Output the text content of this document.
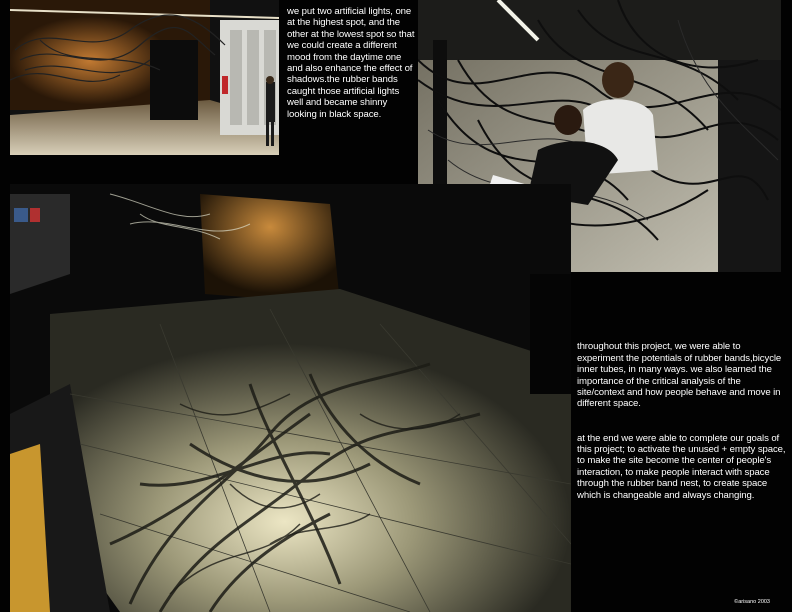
we put two artificial lights, one at the highest spot, and the other at the lowest spot so that we could create a different mood from the daytime one and also enhance the effect of shadows.the rubber bands caught those artificial lights well and became shinny looking in black space.

throughout this project, we were able to experiment the potentials of rubber bands,bicycle inner tubes, in many ways. we also learned the importance of the critical analysis of the site/context and how people behave and move in different space.

at the end we were able to complete our goals of this project; to activate the unused + empty space, to make the site become the center of people's interaction, to make people interact with space through the rubber band nest, to create space which is changeable and always changing.

©arisano 2003
